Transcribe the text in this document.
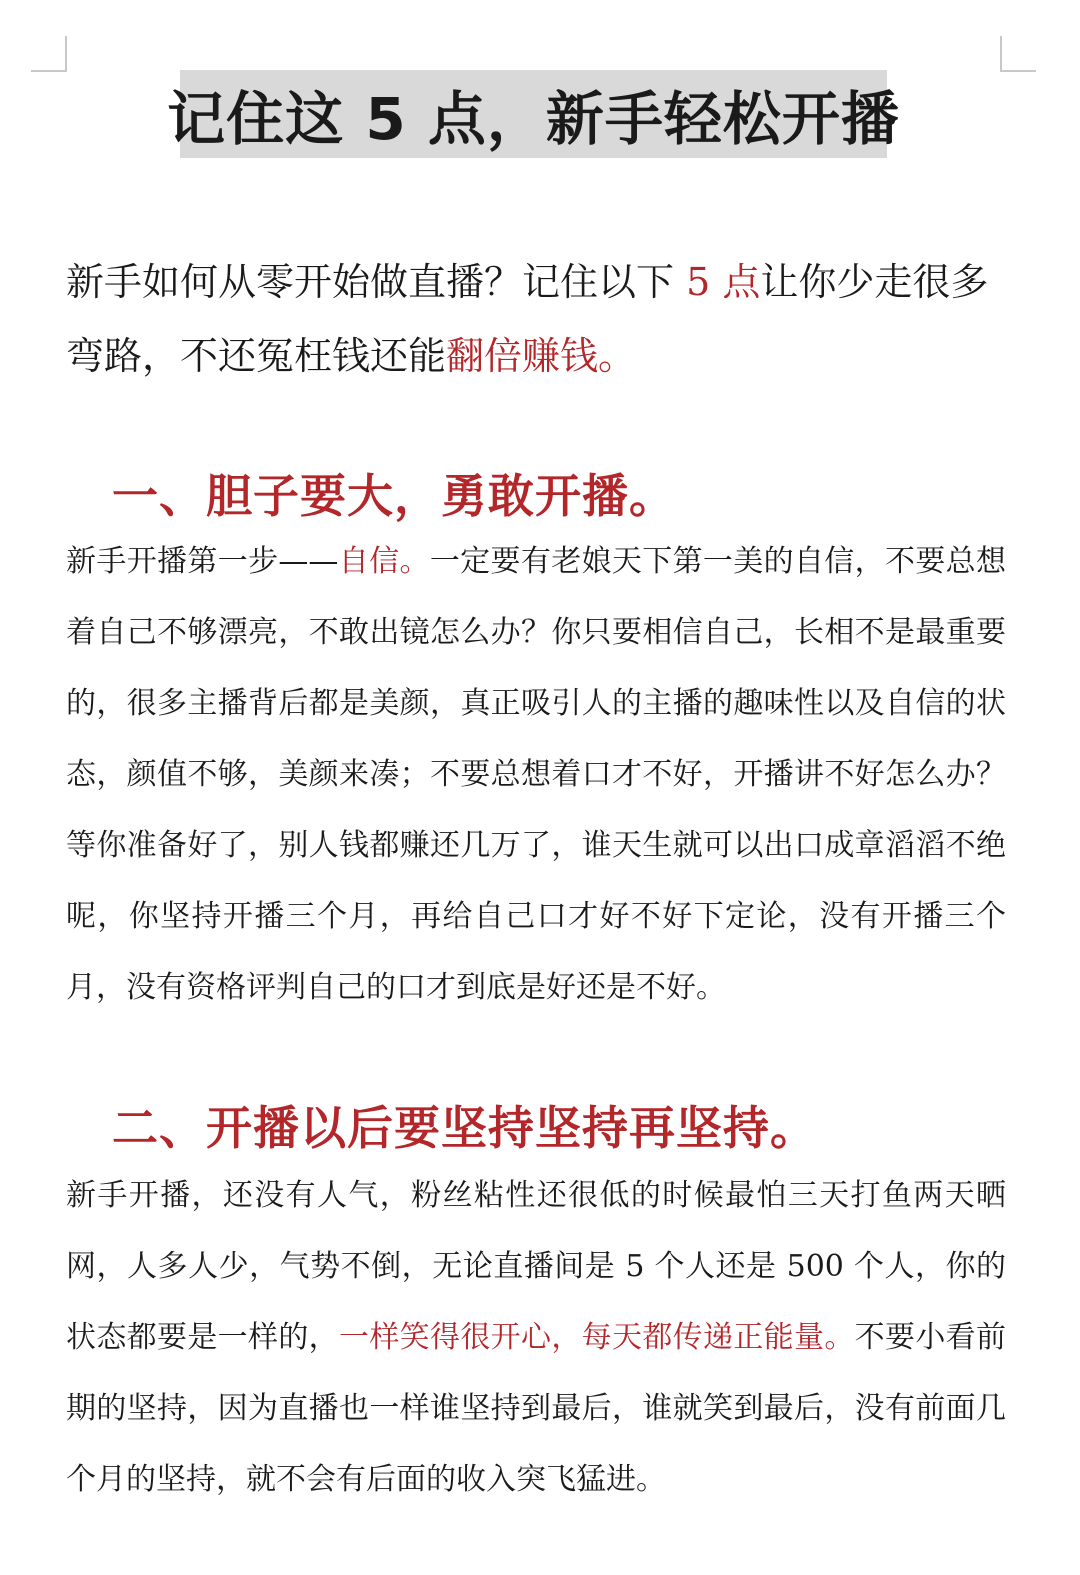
记住这 5 点，新手轻松开播
新手如何从零开始做直播？记住以下 5 点让你少走很多弯路，不还冤枉钱还能翻倍赚钱。
一、胆子要大，勇敢开播。
新手开播第一步——自信。一定要有老娘天下第一美的自信，不要总想着自己不够漂亮，不敢出镜怎么办？你只要相信自己，长相不是最重要的，很多主播背后都是美颜，真正吸引人的主播的趣味性以及自信的状态，颜值不够，美颜来凑；不要总想着口才不好，开播讲不好怎么办？等你准备好了，别人钱都赚还几万了，谁天生就可以出口成章滔滔不绝呢，你坚持开播三个月，再给自己口才好不好下定论，没有开播三个月，没有资格评判自己的口才到底是好还是不好。
二、开播以后要坚持坚持再坚持。
新手开播，还没有人气，粉丝粘性还很低的时候最怕三天打鱼两天晒网，人多人少，气势不倒，无论直播间是 5 个人还是 500 个人，你的状态都要是一样的，一样笑得很开心，每天都传递正能量。不要小看前期的坚持，因为直播也一样谁坚持到最后，谁就笑到最后，没有前面几个月的坚持，就不会有后面的收入突飞猛进。
